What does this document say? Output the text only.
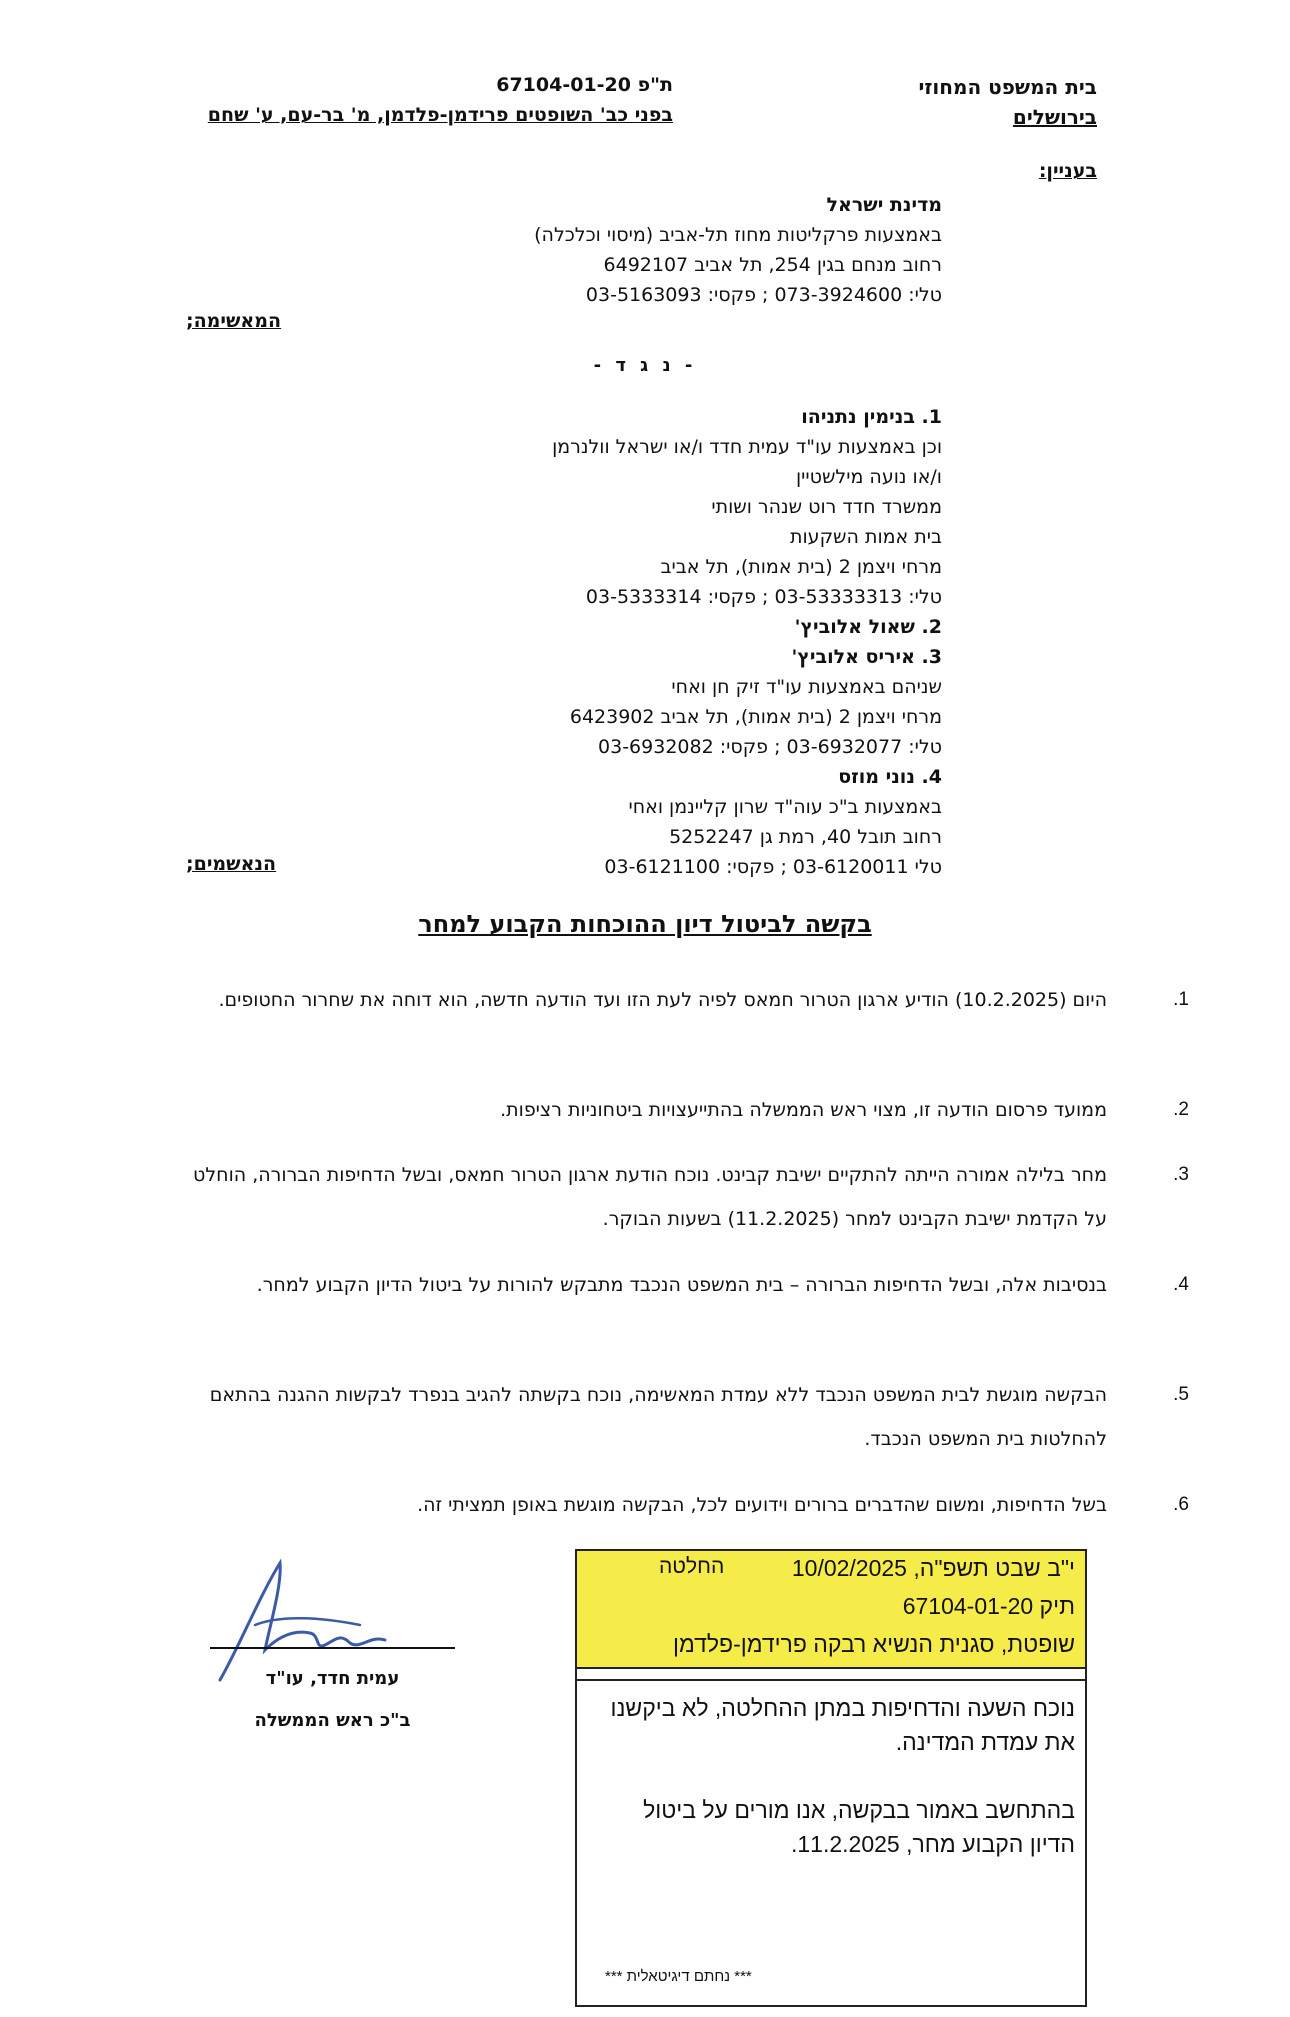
בית המשפט המחוזי
בירושלים
ת"פ 67104-01-20
בפני כב' השופטים פרידמן-פלדמן, מ' בר-עם, ע' שחם
בעניין:
מדינת ישראל
באמצעות פרקליטות מחוז תל-אביב (מיסוי וכלכלה)
רחוב מנחם בגין 254, תל אביב 6492107
טלי: 073-3924600 ; פקסי: 03-5163093
המאשימה;
- נ ג ד -
1. בנימין נתניהו
וכן באמצעות עו"ד עמית חדד ו/או ישראל וולנרמן
ו/או נועה מילשטיין
ממשרד חדד רוט שנהר ושותי
בית אמות השקעות
מרחי ויצמן 2 (בית אמות), תל אביב
טלי: 03-53333313 ; פקסי: 03-5333314
2. שאול אלוביץ'
3. איריס אלוביץ'
שניהם באמצעות עו"ד זיק חן ואחי
מרחי ויצמן 2 (בית אמות), תל אביב 6423902
טלי: 03-6932077 ; פקסי: 03-6932082
4. נוני מוזס
באמצעות ב"כ עוה"ד שרון קליינמן ואחי
רחוב תובל 40, רמת גן 5252247
טלי 03-6120011 ; פקסי: 03-6121100
הנאשמים;
בקשה לביטול דיון ההוכחות הקבוע למחר
1.
היום (10.2.2025) הודיע ארגון הטרור חמאס לפיה לעת הזו ועד הודעה חדשה, הוא דוחה את שחרור החטופים.
2.
ממועד פרסום הודעה זו, מצוי ראש הממשלה בהתייעצויות ביטחוניות רציפות.
3.
מחר בלילה אמורה הייתה להתקיים ישיבת קבינט. נוכח הודעת ארגון הטרור חמאס, ובשל הדחיפות הברורה, הוחלט על הקדמת ישיבת הקבינט למחר (11.2.2025) בשעות הבוקר.
4.
בנסיבות אלה, ובשל הדחיפות הברורה – בית המשפט הנכבד מתבקש להורות על ביטול הדיון הקבוע למחר.
5.
הבקשה מוגשת לבית המשפט הנכבד ללא עמדת המאשימה, נוכח בקשתה להגיב בנפרד לבקשות ההגנה בהתאם להחלטות בית המשפט הנכבד.
6.
בשל הדחיפות, ומשום שהדברים ברורים וידועים לכל, הבקשה מוגשת באופן תמציתי זה.
עמית חדד, עו"ד
ב"כ ראש הממשלה
י"ב שבט תשפ"ה, 10/02/2025
החלטה
תיק 67104-01-20
שופטת, סגנית הנשיא רבקה פרידמן-פלדמן

נוכח השעה והדחיפות במתן ההחלטה, לא ביקשנו את עמדת המדינה.

בהתחשב באמור בבקשה, אנו מורים על ביטול הדיון הקבוע מחר, 11.2.2025.

*** נחתם דיגיטאלית ***
